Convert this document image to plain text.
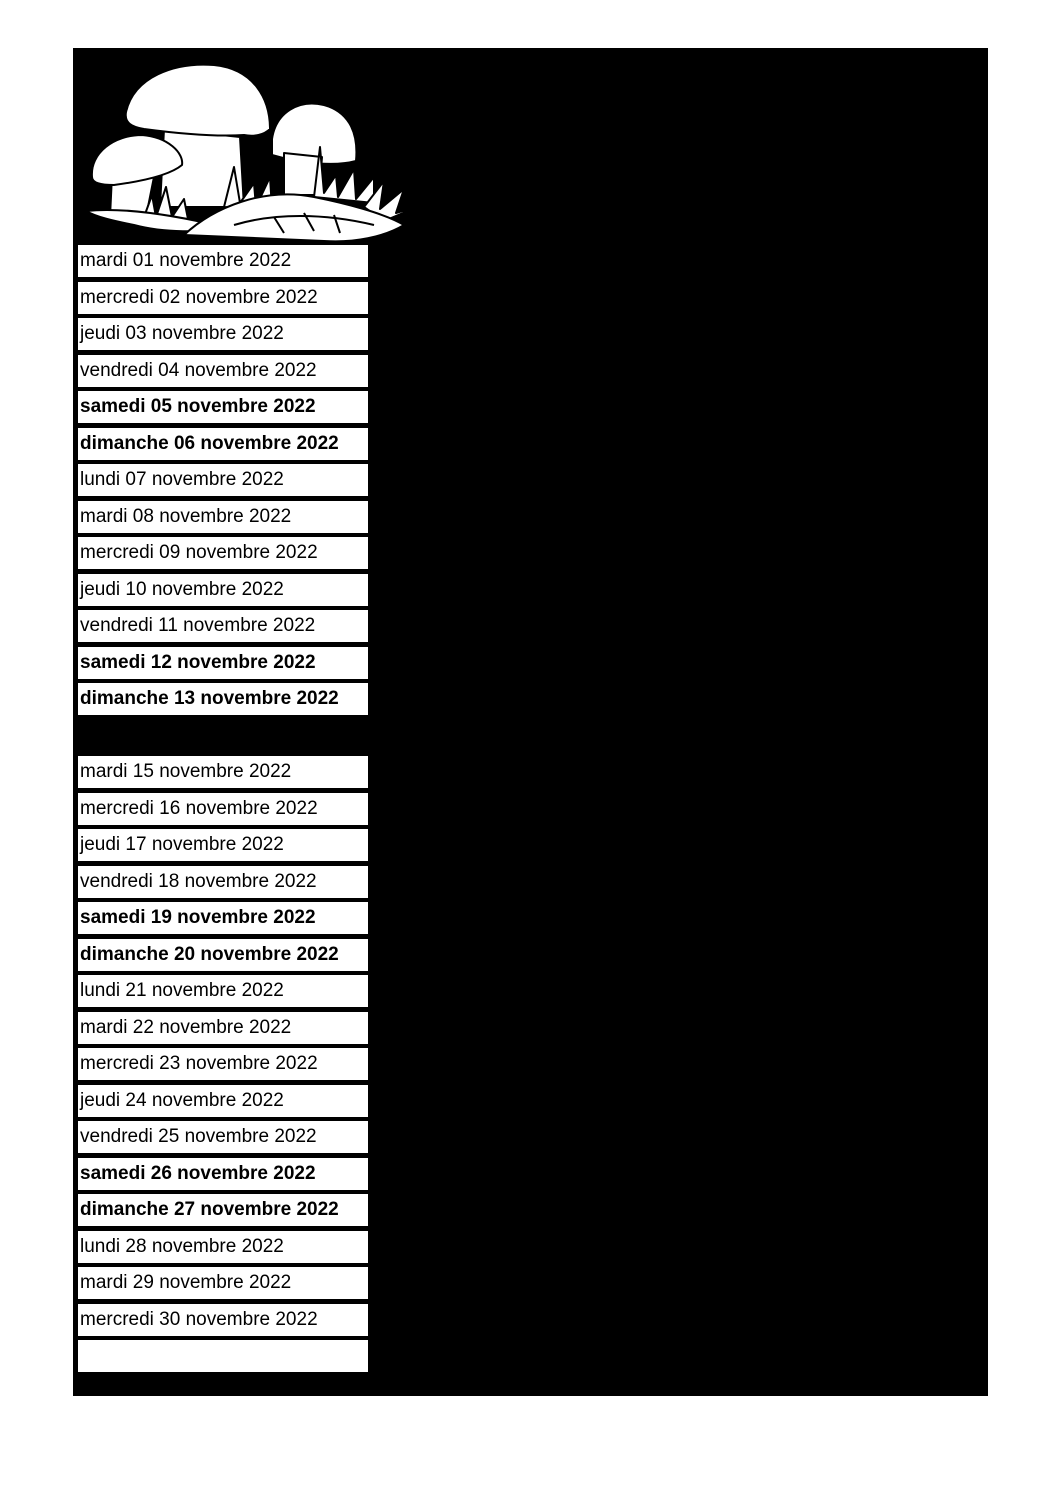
mardi 01 novembre 2022
mercredi 02 novembre 2022
jeudi 03 novembre 2022
vendredi 04 novembre 2022
samedi 05 novembre 2022
dimanche 06 novembre 2022
lundi 07 novembre 2022
mardi 08 novembre 2022
mercredi 09 novembre 2022
jeudi 10 novembre 2022
vendredi 11 novembre 2022
samedi 12 novembre 2022
dimanche 13 novembre 2022
mardi 15 novembre 2022
mercredi 16 novembre 2022
jeudi 17 novembre 2022
vendredi 18 novembre 2022
samedi 19 novembre 2022
dimanche 20 novembre 2022
lundi 21 novembre 2022
mardi 22 novembre 2022
mercredi 23 novembre 2022
jeudi 24 novembre 2022
vendredi 25 novembre 2022
samedi 26 novembre 2022
dimanche 27 novembre 2022
lundi 28 novembre 2022
mardi 29 novembre 2022
mercredi 30 novembre 2022
